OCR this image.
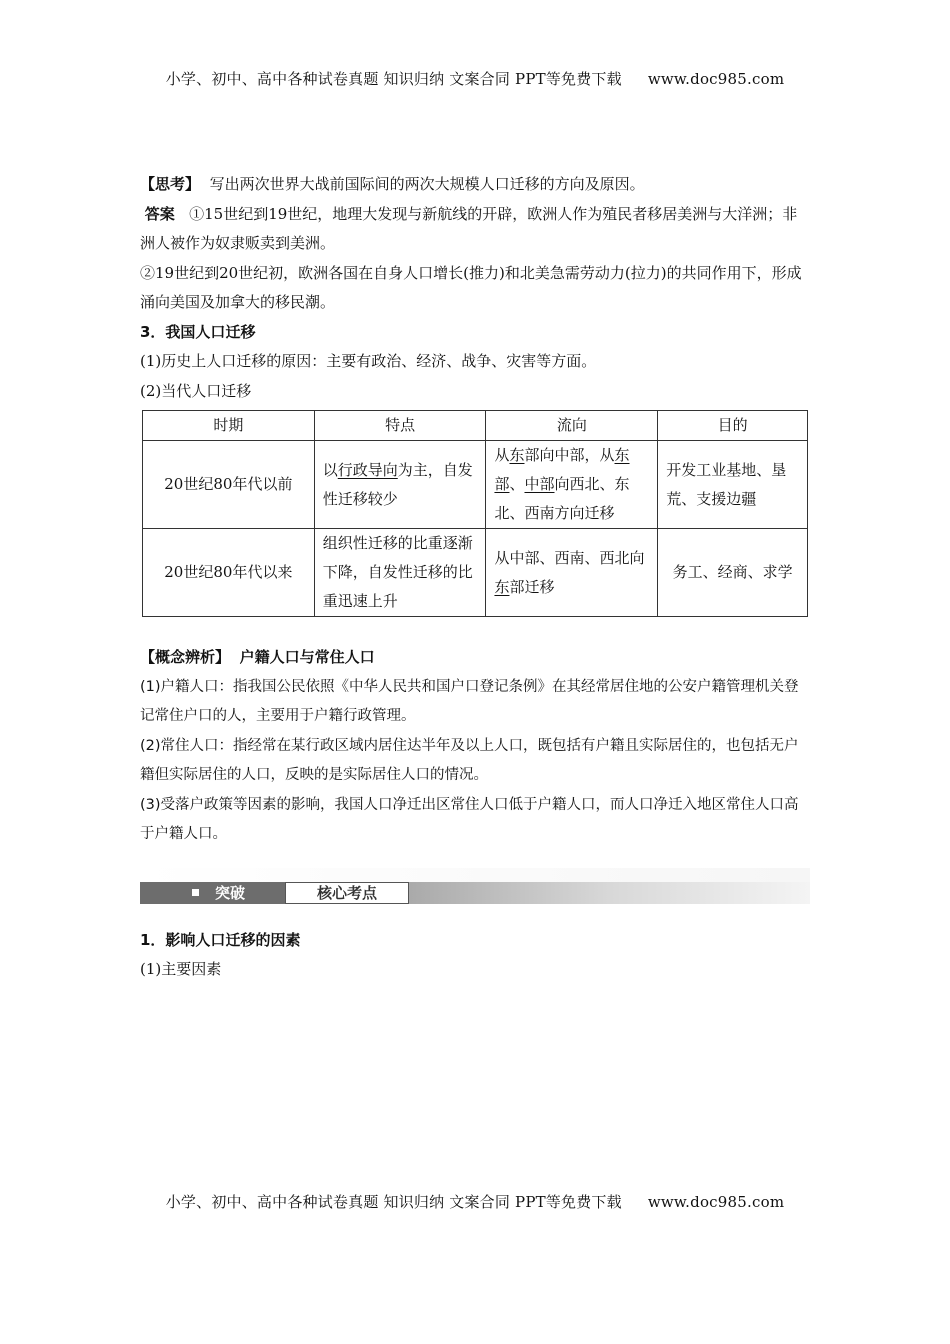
小学、初中、高中各种试卷真题 知识归纳 文案合同 PPT等免费下载 www.doc985.com

【思考】 写出两次世界大战前国际间的两次大规模人口迁移的方向及原因。

答案 ①15世纪到19世纪，地理大发现与新航线的开辟，欧洲人作为殖民者移居美洲与大洋洲；非洲人被作为奴隶贩卖到美洲。

②19世纪到20世纪初，欧洲各国在自身人口增长(推力)和北美急需劳动力(拉力)的共同作用下，形成涌向美国及加拿大的移民潮。

3．我国人口迁移

(1)历史上人口迁移的原因：主要有政治、经济、战争、灾害等方面。

(2)当代人口迁移

时期	特点	流向	目的
20世纪80年代以前	以行政导向为主，自发性迁移较少	从东部向中部，从东部、中部向西北、东北、西南方向迁移	开发工业基地、垦荒、支援边疆
20世纪80年代以来	组织性迁移的比重逐渐下降，自发性迁移的比重迅速上升	从中部、西南、西北向东部迁移	务工、经商、求学

【概念辨析】 户籍人口与常住人口

(1)户籍人口：指我国公民依照《中华人民共和国户口登记条例》在其经常居住地的公安户籍管理机关登记常住户口的人，主要用于户籍行政管理。

(2)常住人口：指经常在某行政区域内居住达半年及以上人口，既包括有户籍且实际居住的，也包括无户籍但实际居住的人口，反映的是实际居住人口的情况。

(3)受落户政策等因素的影响，我国人口净迁出区常住人口低于户籍人口，而人口净迁入地区常住人口高于户籍人口。

突破	核心考点

1．影响人口迁移的因素

(1)主要因素

小学、初中、高中各种试卷真题 知识归纳 文案合同 PPT等免费下载 www.doc985.com
